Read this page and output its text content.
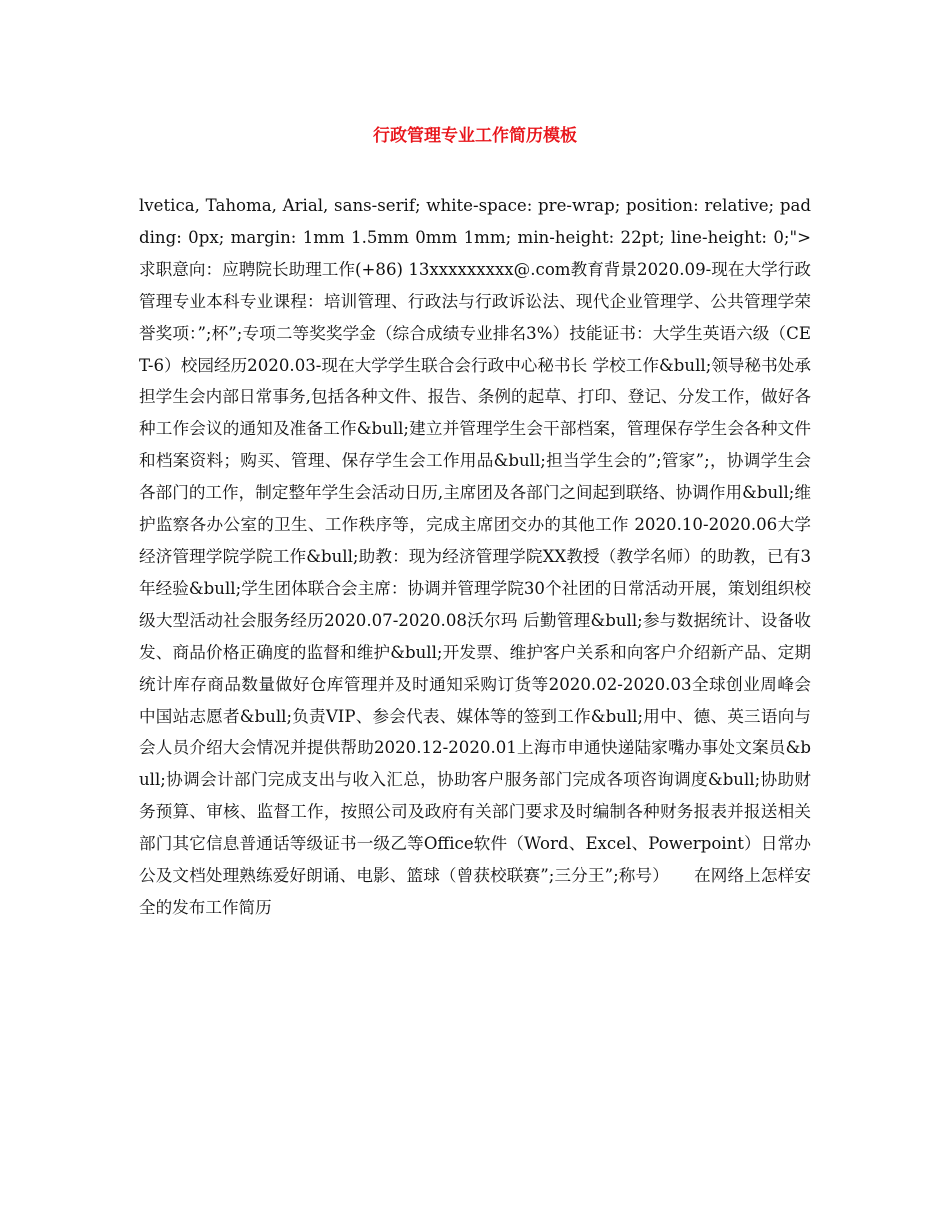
行政管理专业工作简历模板

lvetica, Tahoma, Arial, sans-serif; white-space: pre-wrap; position: relative; padding: 0px; margin: 1mm 1.5mm 0mm 1mm; min-height: 22pt; line-height: 0;">求职意向：应聘院长助理工作(+86) 13xxxxxxxxx@.com教育背景2020.09-现在大学行政管理专业本科专业课程：培训管理、行政法与行政诉讼法、现代企业管理学、公共管理学荣誉奖项：”;杯”;专项二等奖奖学金（综合成绩专业排名3%）技能证书：大学生英语六级（CET-6）校园经历2020.03-现在大学学生联合会行政中心秘书长 学校工作&bull;领导秘书处承担学生会内部日常事务,包括各种文件、报告、条例的起草、打印、登记、分发工作，做好各种工作会议的通知及准备工作&bull;建立并管理学生会干部档案，管理保存学生会各种文件和档案资料；购买、管理、保存学生会工作用品&bull;担当学生会的”;管家”;，协调学生会各部门的工作，制定整年学生会活动日历,主席团及各部门之间起到联络、协调作用&bull;维护监察各办公室的卫生、工作秩序等，完成主席团交办的其他工作 2020.10-2020.06大学经济管理学院学院工作&bull;助教：现为经济管理学院XX教授（教学名师）的助教，已有3年经验&bull;学生团体联合会主席：协调并管理学院30个社团的日常活动开展，策划组织校级大型活动社会服务经历2020.07-2020.08沃尔玛 后勤管理&bull;参与数据统计、设备收发、商品价格正确度的监督和维护&bull;开发票、维护客户关系和向客户介绍新产品、定期统计库存商品数量做好仓库管理并及时通知采购订货等2020.02-2020.03全球创业周峰会中国站志愿者&bull;负责VIP、参会代表、媒体等的签到工作&bull;用中、德、英三语向与会人员介绍大会情况并提供帮助2020.12-2020.01上海市申通快递陆家嘴办事处文案员&bull;协调会计部门完成支出与收入汇总，协助客户服务部门完成各项咨询调度&bull;协助财务预算、审核、监督工作，按照公司及政府有关部门要求及时编制各种财务报表并报送相关部门其它信息普通话等级证书一级乙等Office软件（Word、Excel、Powerpoint）日常办公及文档处理熟练爱好朗诵、电影、篮球（曾获校联赛”;三分王”;称号）　　在网络上怎样安全的发布工作简历
